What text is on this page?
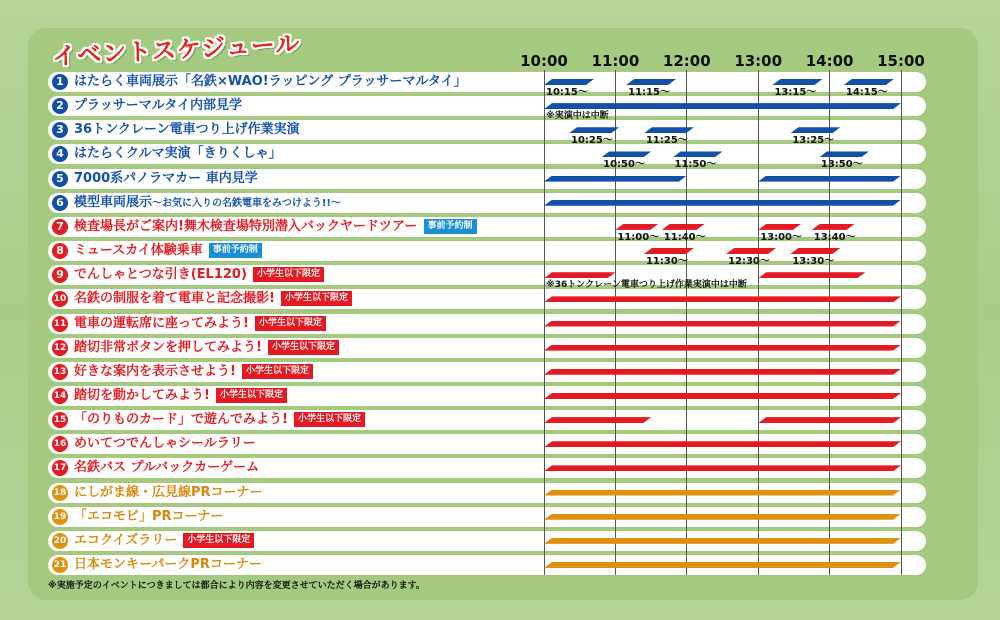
イベントスケジュール	10:00 11:00 12:00 13:00 14:00 15:00
1 はたらく車両展示「名鉄×WAO!ラッピング プラッサーマルタイ」
10:15～	11:15～	13:15～	14:15～
2 プラッサーマルタイ内部見学
※実演中は中断
3 36トンクレーン電車つり上げ作業実演
10:25～	11:25～	13:25～
4 はたらくクルマ実演「きりくしゃ」
10:50～	11:50～	13:50～
5 7000系パノラマカー 車内見学
6 模型車両展示～お気に入りの名鉄電車をみつけよう!!～
7 検査場長がご案内!舞木検査場特別潜入バックヤードツアー 事前予約制
11:00～ 11:40～	13:00～ 13:40～
8 ミュースカイ体験乗車 事前予約制
11:30～	12:30～ 13:30～
9 でんしゃとつな引き(EL120) 小学生以下限定
※36トンクレーン電車つり上げ作業実演中は中断
10 名鉄の制服を着て電車と記念撮影! 小学生以下限定
11 電車の運転席に座ってみよう! 小学生以下限定
12 踏切非常ボタンを押してみよう! 小学生以下限定
13 好きな案内を表示させよう! 小学生以下限定
14 踏切を動かしてみよう! 小学生以下限定
15 「のりものカード」で遊んでみよう! 小学生以下限定
16 めいてつでんしゃシールラリー
17 名鉄バス プルバックカーゲーム
18 にしがま線・広見線PRコーナー
19 「エコモビ」PRコーナー
20 エコクイズラリー 小学生以下限定
21 日本モンキーパークPRコーナー
※実施予定のイベントにつきましては都合により内容を変更させていただく場合があります。
